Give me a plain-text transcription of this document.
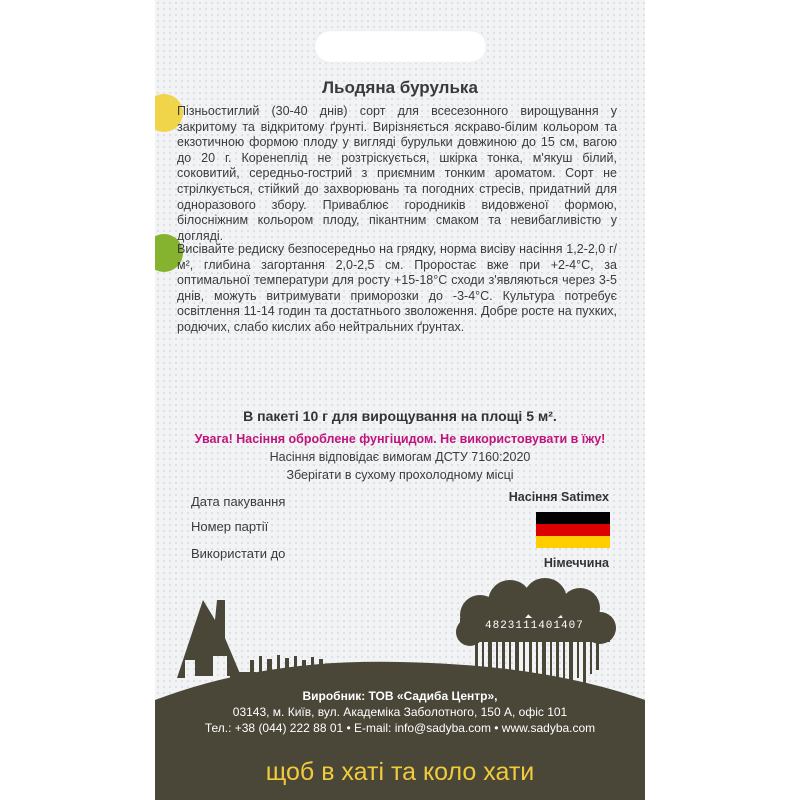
Льодяна бурулька
Пізньостиглий (30-40 днів) сорт для всесезонного вирощування у закритому та відкритому ґрунті. Вирізняється яскраво-білим кольором та екзотичною формою плоду у вигляді бурульки довжиною до 15 см, вагою до 20 г. Коренеплід не розтріскується, шкірка тонка, м'якуш білий, соковитий, середньо-гострий з приємним тонким ароматом. Сорт не стрілкується, стійкий до захворювань та погодних стресів, придатний для одноразового збору. Приваблює городників видовженої формою, білосніжним кольором плоду, пікантним смаком та невибагливістю у догляді.
Висівайте редиску безпосередньо на грядку, норма висіву насіння 1,2-2,0 г/м², глибина загортання 2,0-2,5 см. Проростає вже при +2-4°С, за оптимальної температури для росту +15-18°С сходи з'являються через 3-5 днів, можуть витримувати приморозки до -3-4°С. Культура потребує освітлення 11-14 годин та достатнього зволоження. Добре росте на пухких, родючих, слабо кислих або нейтральних ґрунтах.
В пакеті 10 г для вирощування на площі 5 м².
Увага! Насіння оброблене фунгіцидом. Не використовувати в їжу!
Насіння відповідає вимогам ДСТУ 7160:2020
Зберігати в сухому прохолодному місці
Дата пакування
Номер партії
Використати до
Насіння Satimex
Німеччина
4823111401407
Виробник: ТОВ «Садиба Центр»,
03143, м. Київ, вул. Академіка Заболотного, 150 А, офіс 101
Тел.: +38 (044) 222 88 01 • E-mail: info@sadyba.com • www.sadyba.com
щоб в хаті та коло хати
